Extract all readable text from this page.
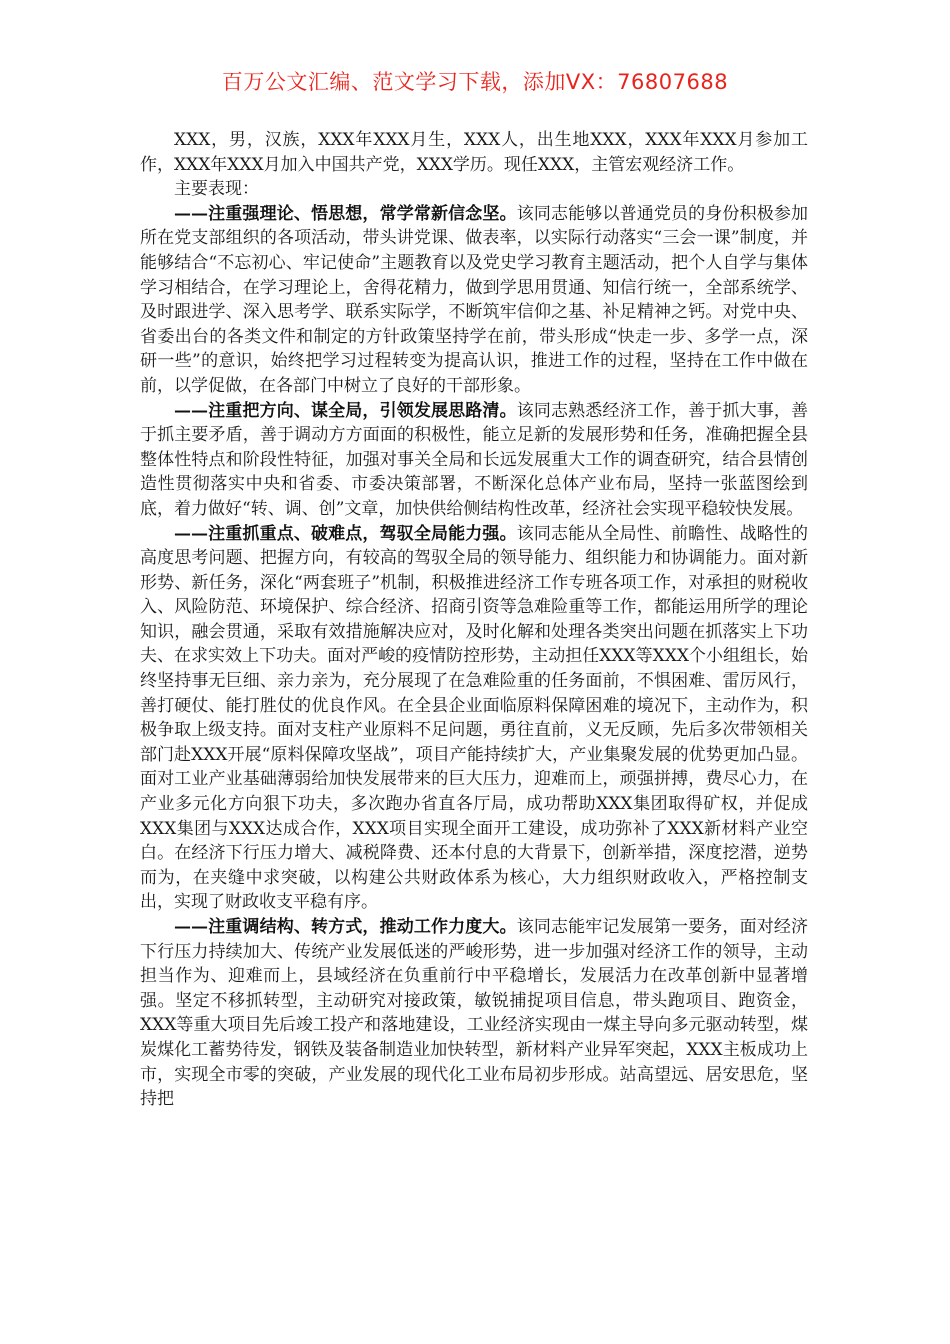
百万公文汇编、范文学习下载，添加VX：76807688

XXX，男，汉族，XXX年XXX月生，XXX人，出生地XXX，XXX年XXX月参加工作，XXX年XXX月加入中国共产党，XXX学历。现任XXX，主管宏观经济工作。

主要表现：

——注重强理论、悟思想，常学常新信念坚。该同志能够以普通党员的身份积极参加所在党支部组织的各项活动，带头讲党课、做表率，以实际行动落实“三会一课”制度，并能够结合“不忘初心、牢记使命”主题教育以及党史学习教育主题活动，把个人自学与集体学习相结合，在学习理论上，舍得花精力，做到学思用贯通、知信行统一，全部系统学、及时跟进学、深入思考学、联系实际学，不断筑牢信仰之基、补足精神之钙。对党中央、省委出台的各类文件和制定的方针政策坚持学在前，带头形成“快走一步、多学一点，深研一些”的意识，始终把学习过程转变为提高认识，推进工作的过程，坚持在工作中做在前，以学促做，在各部门中树立了良好的干部形象。

——注重把方向、谋全局，引领发展思路清。该同志熟悉经济工作，善于抓大事，善于抓主要矛盾，善于调动方方面面的积极性，能立足新的发展形势和任务，准确把握全县整体性特点和阶段性特征，加强对事关全局和长远发展重大工作的调查研究，结合县情创造性贯彻落实中央和省委、市委决策部署，不断深化总体产业布局，坚持一张蓝图绘到底，着力做好“转、调、创”文章，加快供给侧结构性改革，经济社会实现平稳较快发展。

——注重抓重点、破难点，驾驭全局能力强。该同志能从全局性、前瞻性、战略性的高度思考问题、把握方向，有较高的驾驭全局的领导能力、组织能力和协调能力。面对新形势、新任务，深化“两套班子”机制，积极推进经济工作专班各项工作，对承担的财税收入、风险防范、环境保护、综合经济、招商引资等急难险重等工作，都能运用所学的理论知识，融会贯通，采取有效措施解决应对，及时化解和处理各类突出问题在抓落实上下功夫、在求实效上下功夫。面对严峻的疫情防控形势，主动担任XXX等XXX个小组组长，始终坚持事无巨细、亲力亲为，充分展现了在急难险重的任务面前，不惧困难、雷厉风行，善打硬仗、能打胜仗的优良作风。在全县企业面临原料保障困难的境况下，主动作为，积极争取上级支持。面对支柱产业原料不足问题，勇往直前，义无反顾，先后多次带领相关部门赴XXX开展“原料保障攻坚战”，项目产能持续扩大，产业集聚发展的优势更加凸显。面对工业产业基础薄弱给加快发展带来的巨大压力，迎难而上，顽强拼搏，费尽心力，在产业多元化方向狠下功夫，多次跑办省直各厅局，成功帮助XXX集团取得矿权，并促成XXX集团与XXX达成合作，XXX项目实现全面开工建设，成功弥补了XXX新材料产业空白。在经济下行压力增大、减税降费、还本付息的大背景下，创新举措，深度挖潜，逆势而为，在夹缝中求突破，以构建公共财政体系为核心，大力组织财政收入，严格控制支出，实现了财政收支平稳有序。

——注重调结构、转方式，推动工作力度大。该同志能牢记发展第一要务，面对经济下行压力持续加大、传统产业发展低迷的严峻形势，进一步加强对经济工作的领导，主动担当作为、迎难而上，县域经济在负重前行中平稳增长，发展活力在改革创新中显著增强。坚定不移抓转型，主动研究对接政策，敏锐捕捉项目信息，带头跑项目、跑资金，XXX等重大项目先后竣工投产和落地建设，工业经济实现由一煤主导向多元驱动转型，煤炭煤化工蓄势待发，钢铁及装备制造业加快转型，新材料产业异军突起，XXX主板成功上市，实现全市零的突破，产业发展的现代化工业布局初步形成。站高望远、居安思危，坚持把
